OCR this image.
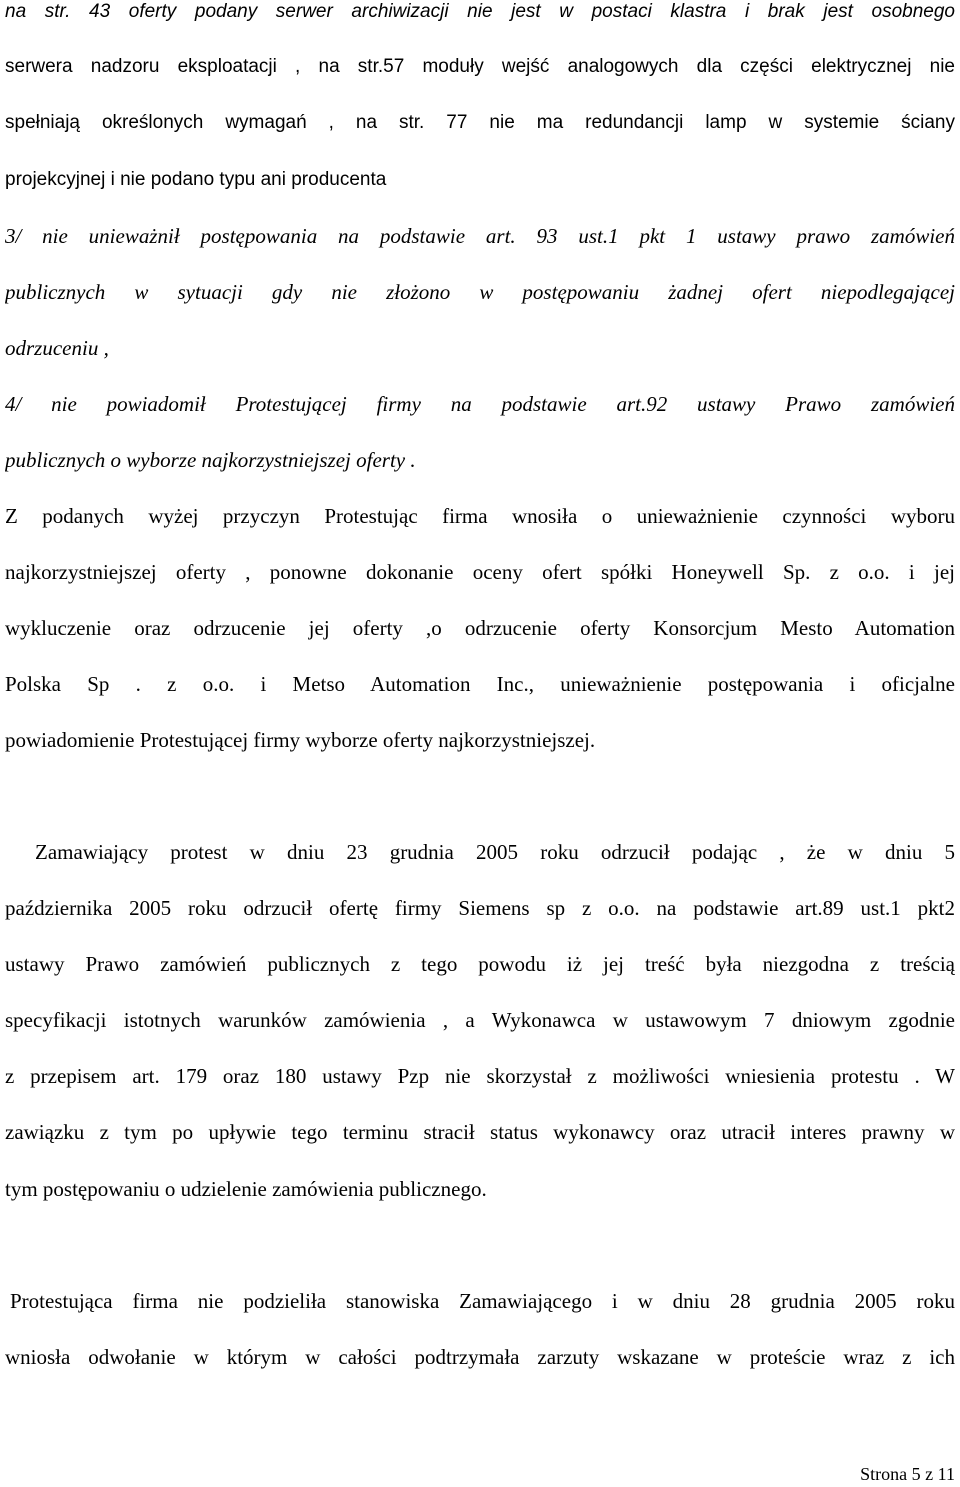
na str. 43 oferty podany serwer archiwizacji nie jest w postaci klastra i brak jest osobnego
serwera nadzoru eksploatacji , na str.57 moduły wejść analogowych dla części elektrycznej nie
spełniają określonych wymagań , na str. 77 nie ma redundancji lamp w systemie ściany
projekcyjnej i nie podano typu ani producenta
3/ nie unieważnił postępowania na podstawie art. 93 ust.1 pkt 1 ustawy prawo zamówień
publicznych w sytuacji gdy nie złożono w postępowaniu żadnej ofert niepodlegającej
odrzuceniu ,
4/ nie powiadomił Protestującej firmy na podstawie art.92 ustawy Prawo zamówień
publicznych o wyborze najkorzystniejszej oferty .
Z podanych wyżej przyczyn Protestując firma wnosiła o unieważnienie czynności wyboru
najkorzystniejszej oferty , ponowne dokonanie oceny ofert spółki Honeywell Sp. z o.o. i jej
wykluczenie oraz odrzucenie jej oferty ,o odrzucenie oferty Konsorcjum Mesto Automation
Polska Sp . z o.o. i Metso Automation Inc., unieważnienie postępowania i oficjalne
powiadomienie Protestującej firmy wyborze oferty najkorzystniejszej.
Zamawiający protest w dniu 23 grudnia 2005 roku odrzucił podając , że w dniu 5
października 2005 roku odrzucił ofertę firmy Siemens sp z o.o. na podstawie art.89 ust.1 pkt2
ustawy Prawo zamówień publicznych z tego powodu iż jej treść była niezgodna z treścią
specyfikacji istotnych warunków zamówienia , a Wykonawca w ustawowym 7 dniowym zgodnie
z przepisem art. 179 oraz 180 ustawy Pzp nie skorzystał z możliwości wniesienia protestu . W
zawiązku z tym po upływie tego terminu stracił status wykonawcy oraz utracił interes prawny w
tym postępowaniu o udzielenie zamówienia publicznego.
Protestująca firma nie podzieliła stanowiska Zamawiającego i w dniu 28 grudnia 2005 roku
wniosła odwołanie w którym w całości podtrzymała zarzuty wskazane w proteście wraz z ich
Strona 5 z 11
